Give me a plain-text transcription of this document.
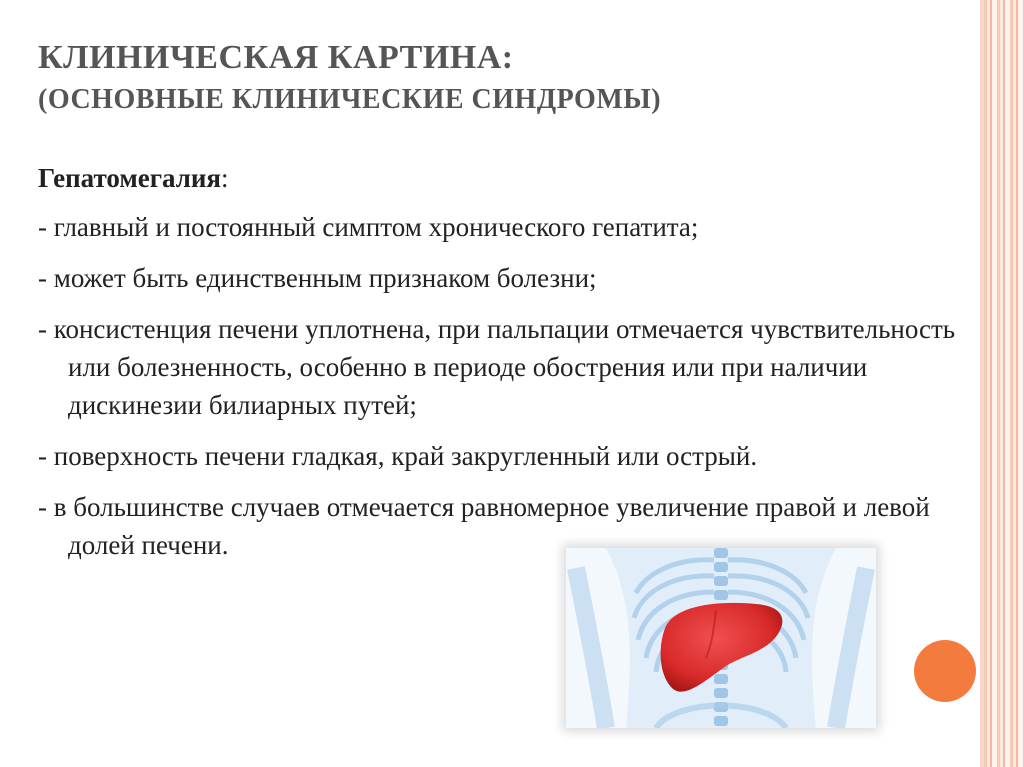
КЛИНИЧЕСКАЯ КАРТИНА:
(ОСНОВНЫЕ КЛИНИЧЕСКИЕ СИНДРОМЫ)
Гепатомегалия:
- главный и постоянный симптом хронического гепатита;
- может быть единственным признаком болезни;
- консистенция печени уплотнена, при пальпации отмечается чувствительность или болезненность, особенно в периоде обострения или при наличии дискинезии билиарных путей;
- поверхность печени гладкая, край закругленный или острый.
- в большинстве случаев отмечается равномерное увеличение правой и левой долей печени.
